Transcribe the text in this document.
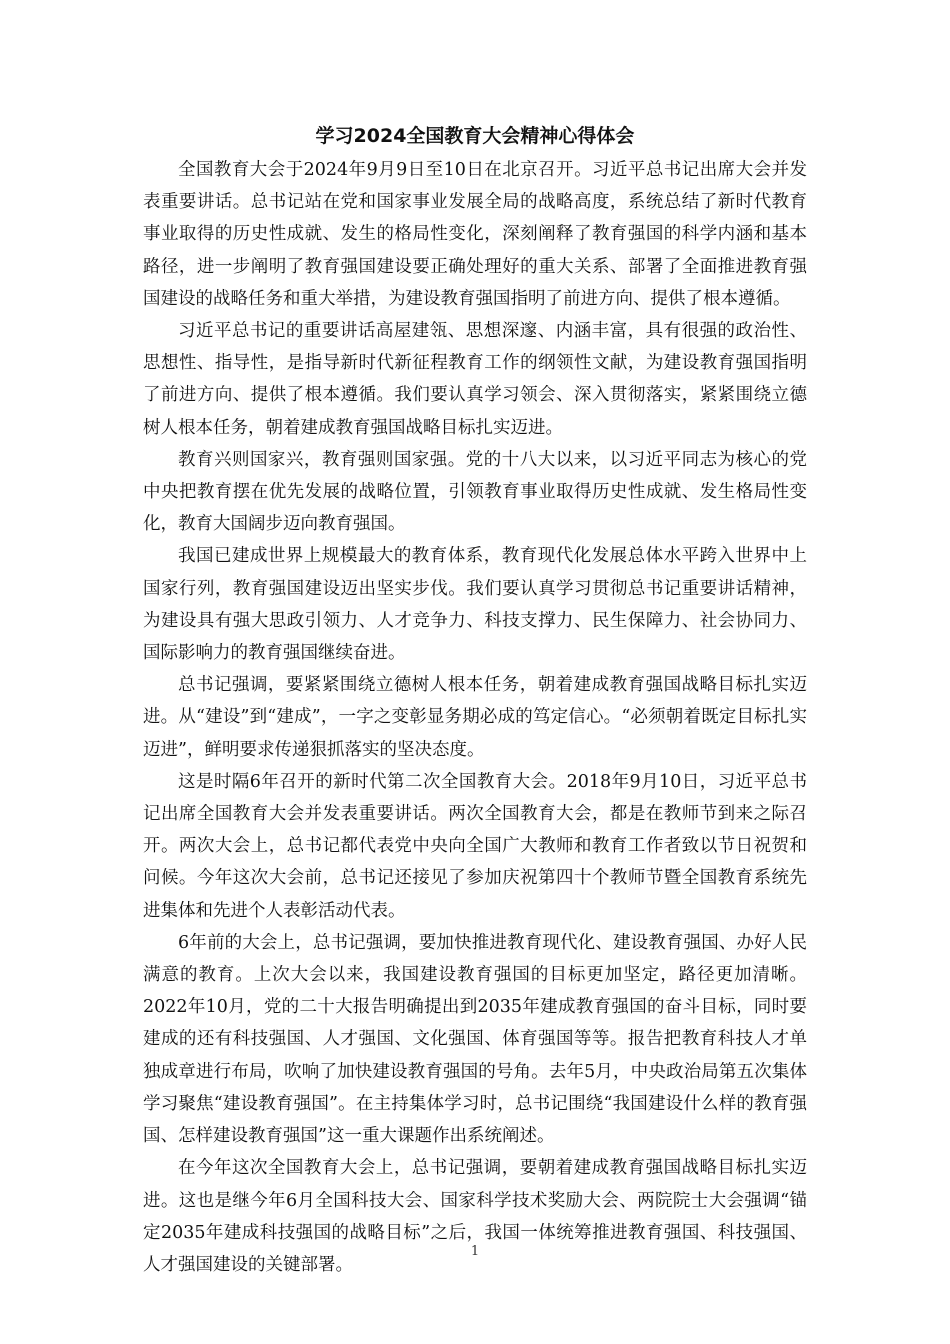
学习2024全国教育大会精神心得体会

全国教育大会于2024年9月9日至10日在北京召开。习近平总书记出席大会并发表重要讲话。总书记站在党和国家事业发展全局的战略高度，系统总结了新时代教育事业取得的历史性成就、发生的格局性变化，深刻阐释了教育强国的科学内涵和基本路径，进一步阐明了教育强国建设要正确处理好的重大关系、部署了全面推进教育强国建设的战略任务和重大举措，为建设教育强国指明了前进方向、提供了根本遵循。

习近平总书记的重要讲话高屋建瓴、思想深邃、内涵丰富，具有很强的政治性、思想性、指导性，是指导新时代新征程教育工作的纲领性文献，为建设教育强国指明了前进方向、提供了根本遵循。我们要认真学习领会、深入贯彻落实，紧紧围绕立德树人根本任务，朝着建成教育强国战略目标扎实迈进。

教育兴则国家兴，教育强则国家强。党的十八大以来，以习近平同志为核心的党中央把教育摆在优先发展的战略位置，引领教育事业取得历史性成就、发生格局性变化，教育大国阔步迈向教育强国。

我国已建成世界上规模最大的教育体系，教育现代化发展总体水平跨入世界中上国家行列，教育强国建设迈出坚实步伐。我们要认真学习贯彻总书记重要讲话精神，为建设具有强大思政引领力、人才竞争力、科技支撑力、民生保障力、社会协同力、国际影响力的教育强国继续奋进。

总书记强调，要紧紧围绕立德树人根本任务，朝着建成教育强国战略目标扎实迈进。从“建设”到“建成”，一字之变彰显务期必成的笃定信心。“必须朝着既定目标扎实迈进”，鲜明要求传递狠抓落实的坚决态度。

这是时隔6年召开的新时代第二次全国教育大会。2018年9月10日，习近平总书记出席全国教育大会并发表重要讲话。两次全国教育大会，都是在教师节到来之际召开。两次大会上，总书记都代表党中央向全国广大教师和教育工作者致以节日祝贺和问候。今年这次大会前，总书记还接见了参加庆祝第四十个教师节暨全国教育系统先进集体和先进个人表彰活动代表。

6年前的大会上，总书记强调，要加快推进教育现代化、建设教育强国、办好人民满意的教育。上次大会以来，我国建设教育强国的目标更加坚定，路径更加清晰。2022年10月，党的二十大报告明确提出到2035年建成教育强国的奋斗目标，同时要建成的还有科技强国、人才强国、文化强国、体育强国等等。报告把教育科技人才单独成章进行布局，吹响了加快建设教育强国的号角。去年5月，中央政治局第五次集体学习聚焦“建设教育强国”。在主持集体学习时，总书记围绕“我国建设什么样的教育强国、怎样建设教育强国”这一重大课题作出系统阐述。

在今年这次全国教育大会上，总书记强调，要朝着建成教育强国战略目标扎实迈进。这也是继今年6月全国科技大会、国家科学技术奖励大会、两院院士大会强调“锚定2035年建成科技强国的战略目标”之后，我国一体统筹推进教育强国、科技强国、人才强国建设的关键部署。

1
